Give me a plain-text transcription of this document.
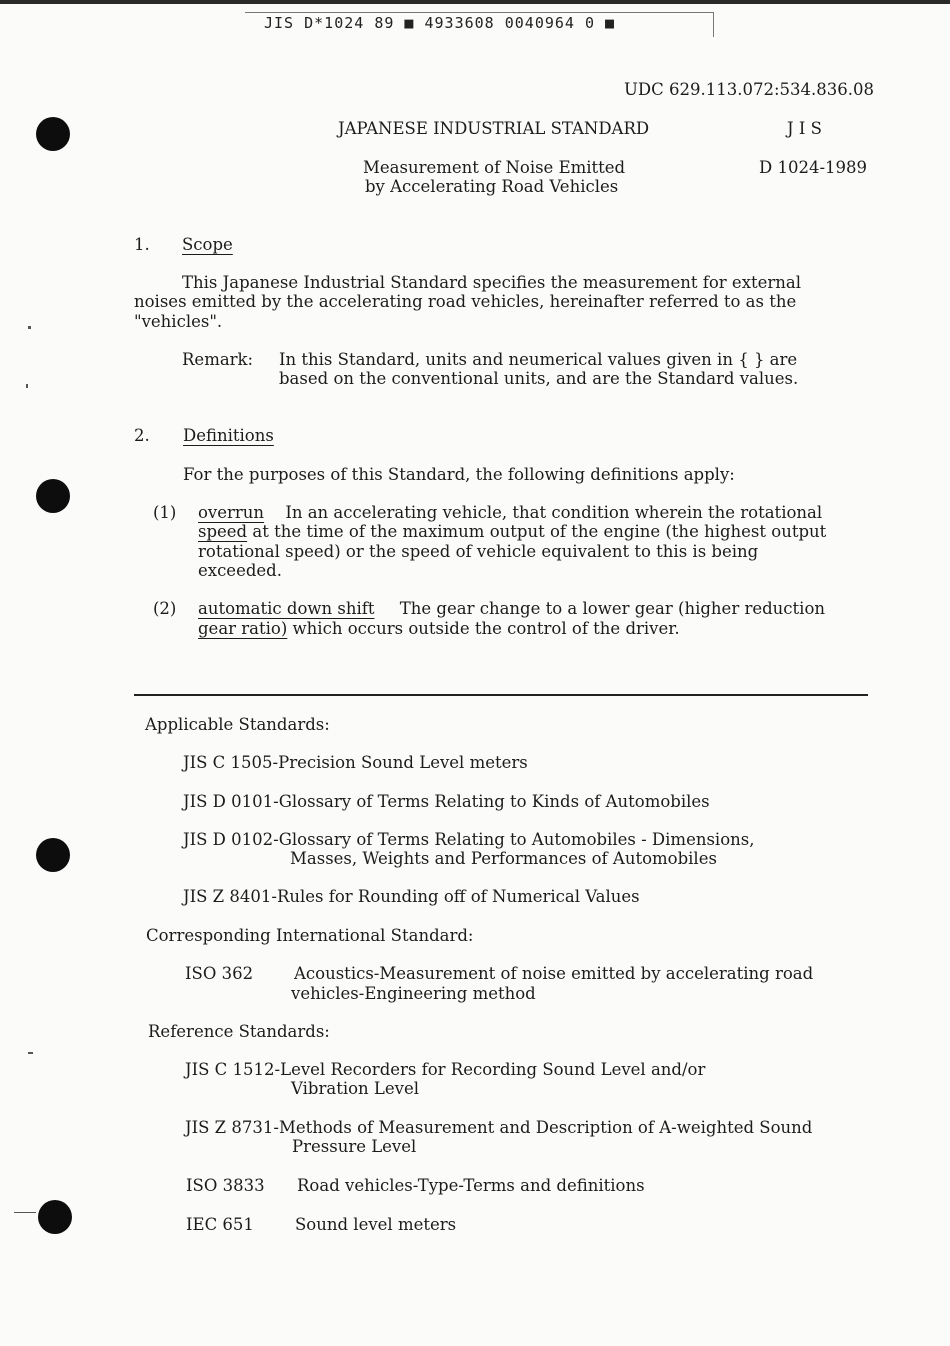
JIS D*1024 89 ■ 4933608 0040964 0 ■
UDC 629.113.072:534.836.08
JAPANESE INDUSTRIAL STANDARD	J I S
Measurement of Noise Emitted
by Accelerating Road Vehicles
D 1024-1989
1. Scope
This Japanese Industrial Standard specifies the measurement for external
noises emitted by the accelerating road vehicles, hereinafter referred to as the
"vehicles".
Remark: In this Standard, units and neumerical values given in { } are
based on the conventional units, and are the Standard values.
2. Definitions
For the purposes of this Standard, the following definitions apply:
(1) overrun In an accelerating vehicle, that condition wherein the rotational
speed at the time of the maximum output of the engine (the highest output
rotational speed) or the speed of vehicle equivalent to this is being
exceeded.
(2) automatic down shift The gear change to a lower gear (higher reduction
gear ratio) which occurs outside the control of the driver.
Applicable Standards:
JIS C 1505-Precision Sound Level meters
JIS D 0101-Glossary of Terms Relating to Kinds of Automobiles
JIS D 0102-Glossary of Terms Relating to Automobiles - Dimensions,
Masses, Weights and Performances of Automobiles
JIS Z 8401-Rules for Rounding off of Numerical Values
Corresponding International Standard:
ISO 362 Acoustics-Measurement of noise emitted by accelerating road
vehicles-Engineering method
Reference Standards:
JIS C 1512-Level Recorders for Recording Sound Level and/or
Vibration Level
JIS Z 8731-Methods of Measurement and Description of A-weighted Sound
Pressure Level
ISO 3833 Road vehicles-Type-Terms and definitions
IEC 651 Sound level meters
